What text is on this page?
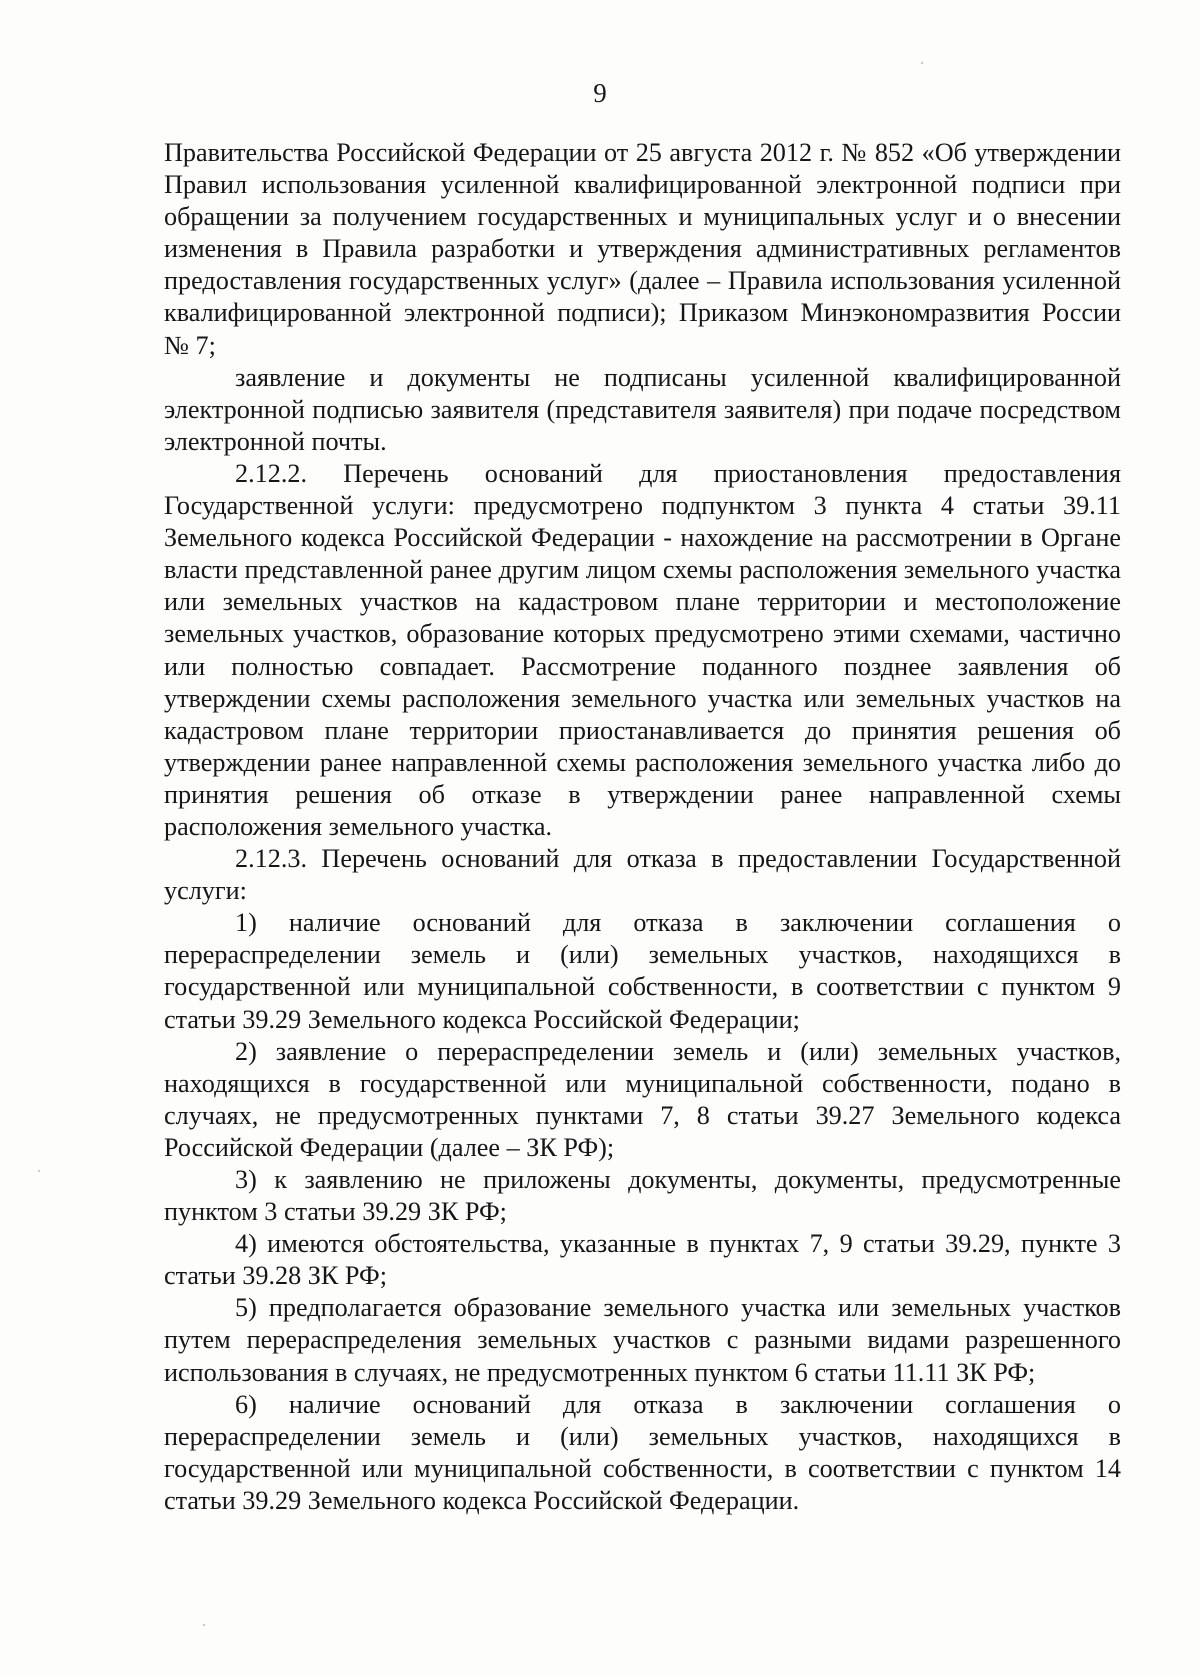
9

Правительства Российской Федерации от 25 августа 2012 г. № 852 «Об утверждении Правил использования усиленной квалифицированной электронной подписи при обращении за получением государственных и муниципальных услуг и о внесении изменения в Правила разработки и утверждения административных регламентов предоставления государственных услуг» (далее – Правила использования усиленной квалифицированной электронной подписи); Приказом Минэкономразвития России № 7;

заявление и документы не подписаны усиленной квалифицированной электронной подписью заявителя (представителя заявителя) при подаче посредством электронной почты.

2.12.2. Перечень оснований для приостановления предоставления Государственной услуги: предусмотрено подпунктом 3 пункта 4 статьи 39.11 Земельного кодекса Российской Федерации - нахождение на рассмотрении в Органе власти представленной ранее другим лицом схемы расположения земельного участка или земельных участков на кадастровом плане территории и местоположение земельных участков, образование которых предусмотрено этими схемами, частично или полностью совпадает. Рассмотрение поданного позднее заявления об утверждении схемы расположения земельного участка или земельных участков на кадастровом плане территории приостанавливается до принятия решения об утверждении ранее направленной схемы расположения земельного участка либо до принятия решения об отказе в утверждении ранее направленной схемы расположения земельного участка.

2.12.3. Перечень оснований для отказа в предоставлении Государственной услуги:

1) наличие оснований для отказа в заключении соглашения о перераспределении земель и (или) земельных участков, находящихся в государственной или муниципальной собственности, в соответствии с пунктом 9 статьи 39.29 Земельного кодекса Российской Федерации;

2) заявление о перераспределении земель и (или) земельных участков, находящихся в государственной или муниципальной собственности, подано в случаях, не предусмотренных пунктами 7, 8 статьи 39.27 Земельного кодекса Российской Федерации (далее – ЗК РФ);

3) к заявлению не приложены документы, документы, предусмотренные пунктом 3 статьи 39.29 ЗК РФ;

4) имеются обстоятельства, указанные в пунктах 7, 9 статьи 39.29, пункте 3 статьи 39.28 ЗК РФ;

5) предполагается образование земельного участка или земельных участков путем перераспределения земельных участков с разными видами разрешенного использования в случаях, не предусмотренных пунктом 6 статьи 11.11 ЗК РФ;

6) наличие оснований для отказа в заключении соглашения о перераспределении земель и (или) земельных участков, находящихся в государственной или муниципальной собственности, в соответствии с пунктом 14 статьи 39.29 Земельного кодекса Российской Федерации.
